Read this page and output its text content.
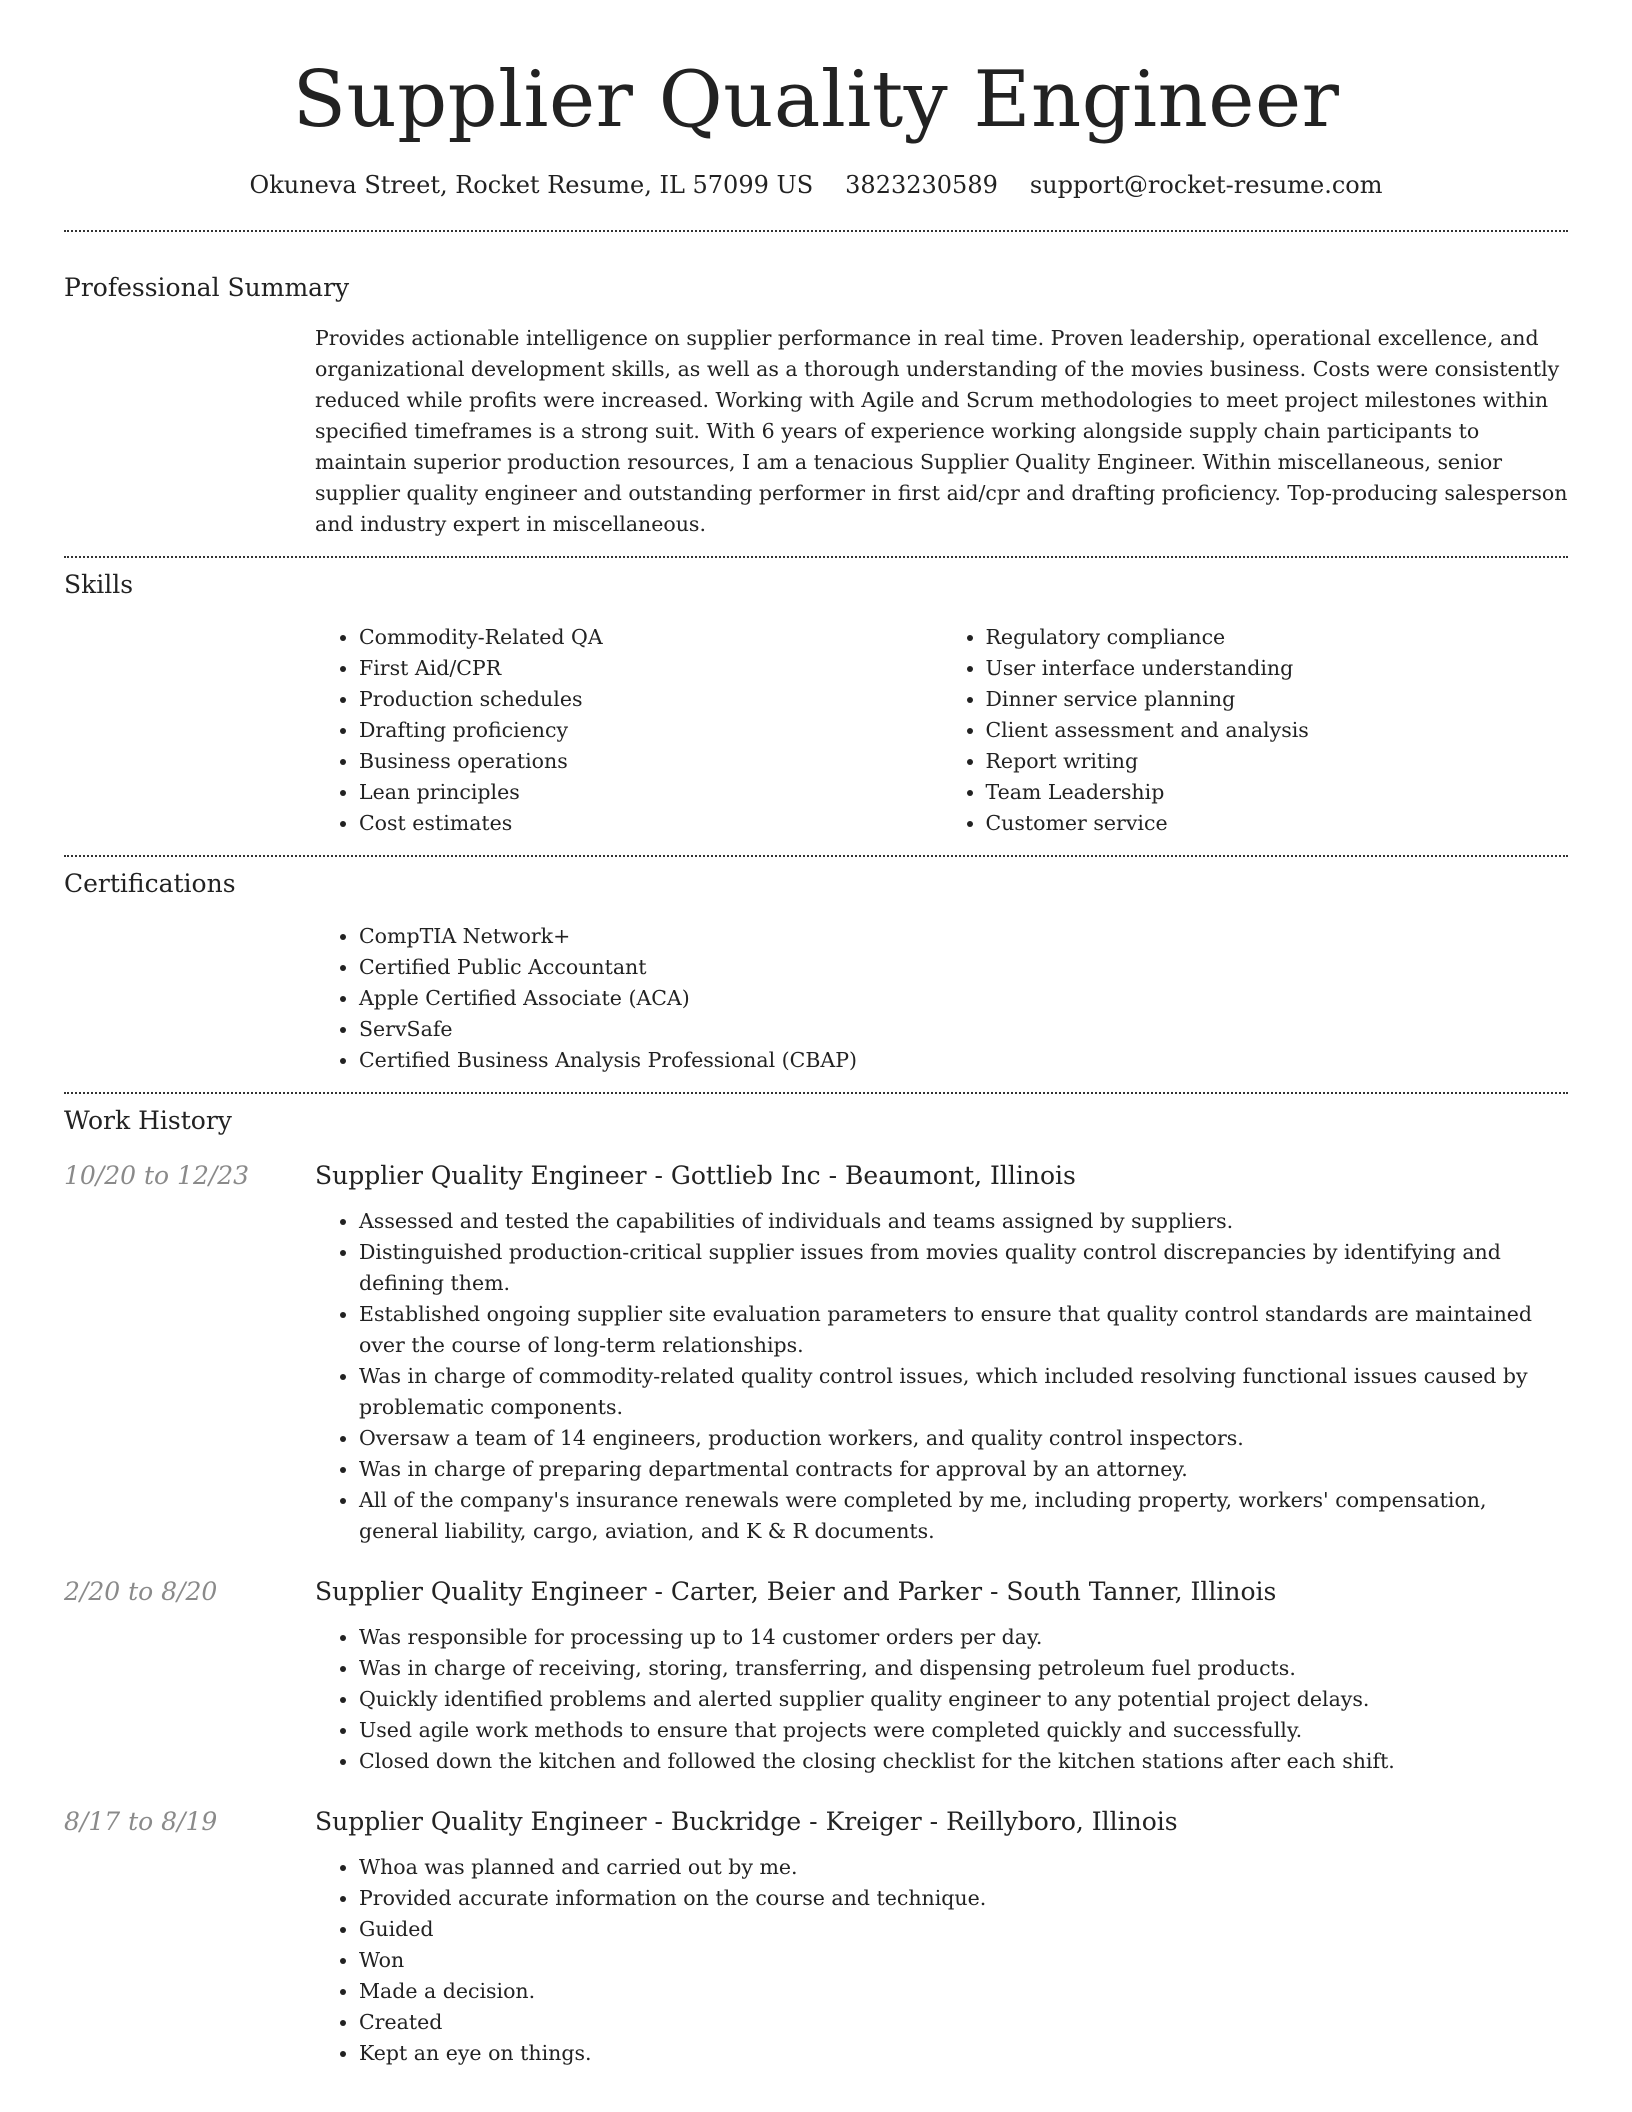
Supplier Quality Engineer
Okuneva Street, Rocket Resume, IL 57099 US 3823230589 support@rocket-resume.com
Professional Summary

Provides actionable intelligence on supplier performance in real time. Proven leadership, operational excellence, and organizational development skills, as well as a thorough understanding of the movies business. Costs were consistently reduced while profits were increased. Working with Agile and Scrum methodologies to meet project milestones within specified timeframes is a strong suit. With 6 years of experience working alongside supply chain participants to maintain superior production resources, I am a tenacious Supplier Quality Engineer. Within miscellaneous, senior supplier quality engineer and outstanding performer in first aid/cpr and drafting proficiency. Top-producing salesperson and industry expert in miscellaneous.

Skills
• Commodity-Related QA
• First Aid/CPR
• Production schedules
• Drafting proficiency
• Business operations
• Lean principles
• Cost estimates
• Regulatory compliance
• User interface understanding
• Dinner service planning
• Client assessment and analysis
• Report writing
• Team Leadership
• Customer service
Certifications
• CompTIA Network+
• Certified Public Accountant
• Apple Certified Associate (ACA)
• ServSafe
• Certified Business Analysis Professional (CBAP)
Work History
10/20 to 12/23	Supplier Quality Engineer - Gottlieb Inc - Beaumont, Illinois
• Assessed and tested the capabilities of individuals and teams assigned by suppliers.
• Distinguished production-critical supplier issues from movies quality control discrepancies by identifying and defining them.
• Established ongoing supplier site evaluation parameters to ensure that quality control standards are maintained over the course of long-term relationships.
• Was in charge of commodity-related quality control issues, which included resolving functional issues caused by problematic components.
• Oversaw a team of 14 engineers, production workers, and quality control inspectors.
• Was in charge of preparing departmental contracts for approval by an attorney.
• All of the company's insurance renewals were completed by me, including property, workers' compensation, general liability, cargo, aviation, and K & R documents.
2/20 to 8/20	Supplier Quality Engineer - Carter, Beier and Parker - South Tanner, Illinois
• Was responsible for processing up to 14 customer orders per day.
• Was in charge of receiving, storing, transferring, and dispensing petroleum fuel products.
• Quickly identified problems and alerted supplier quality engineer to any potential project delays.
• Used agile work methods to ensure that projects were completed quickly and successfully.
• Closed down the kitchen and followed the closing checklist for the kitchen stations after each shift.
8/17 to 8/19	Supplier Quality Engineer - Buckridge - Kreiger - Reillyboro, Illinois
• Whoa was planned and carried out by me.
• Provided accurate information on the course and technique.
• Guided
• Won
• Made a decision.
• Created
• Kept an eye on things.
